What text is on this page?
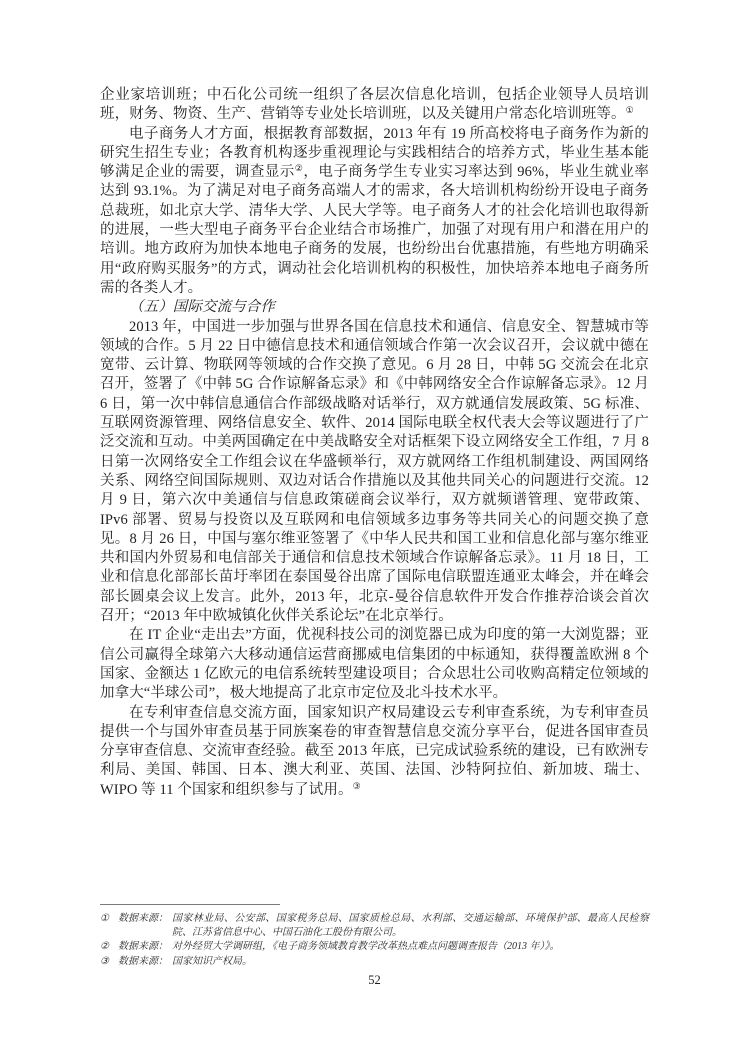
企业家培训班；中石化公司统一组织了各层次信息化培训，包括企业领导人员培训班，财务、物资、生产、营销等专业处长培训班，以及关键用户常态化培训班等。①

电子商务人才方面，根据教育部数据，2013 年有 19 所高校将电子商务作为新的研究生招生专业；各教育机构逐步重视理论与实践相结合的培养方式，毕业生基本能够满足企业的需要，调查显示②，电子商务学生专业实习率达到 96%，毕业生就业率达到 93.1%。为了满足对电子商务高端人才的需求，各大培训机构纷纷开设电子商务总裁班，如北京大学、清华大学、人民大学等。电子商务人才的社会化培训也取得新的进展，一些大型电子商务平台企业结合市场推广，加强了对现有用户和潜在用户的培训。地方政府为加快本地电子商务的发展，也纷纷出台优惠措施，有些地方明确采用“政府购买服务”的方式，调动社会化培训机构的积极性，加快培养本地电子商务所需的各类人才。

（五）国际交流与合作

2013 年，中国进一步加强与世界各国在信息技术和通信、信息安全、智慧城市等领域的合作。5 月 22 日中德信息技术和通信领域合作第一次会议召开，会议就中德在宽带、云计算、物联网等领域的合作交换了意见。6 月 28 日，中韩 5G 交流会在北京召开，签署了《中韩 5G 合作谅解备忘录》和《中韩网络安全合作谅解备忘录》。12 月 6 日，第一次中韩信息通信合作部级战略对话举行，双方就通信发展政策、5G 标准、互联网资源管理、网络信息安全、软件、2014 国际电联全权代表大会等议题进行了广泛交流和互动。中美两国确定在中美战略安全对话框架下设立网络安全工作组，7 月 8 日第一次网络安全工作组会议在华盛顿举行，双方就网络工作组机制建设、两国网络关系、网络空间国际规则、双边对话合作措施以及其他共同关心的问题进行交流。12 月 9 日，第六次中美通信与信息政策磋商会议举行，双方就频谱管理、宽带政策、IPv6 部署、贸易与投资以及互联网和电信领域多边事务等共同关心的问题交换了意见。8 月 26 日，中国与塞尔维亚签署了《中华人民共和国工业和信息化部与塞尔维亚共和国内外贸易和电信部关于通信和信息技术领域合作谅解备忘录》。11 月 18 日，工业和信息化部部长苗圩率团在泰国曼谷出席了国际电信联盟连通亚太峰会，并在峰会部长圆桌会议上发言。此外，2013 年，北京-曼谷信息软件开发合作推荐洽谈会首次召开；“2013 年中欧城镇化伙伴关系论坛”在北京举行。

在 IT 企业“走出去”方面，优视科技公司的浏览器已成为印度的第一大浏览器；亚信公司赢得全球第六大移动通信运营商挪威电信集团的中标通知，获得覆盖欧洲 8 个国家、金额达 1 亿欧元的电信系统转型建设项目；合众思壮公司收购高精定位领域的加拿大“半球公司”，极大地提高了北京市定位及北斗技术水平。

在专利审查信息交流方面，国家知识产权局建设云专利审查系统，为专利审查员提供一个与国外审查员基于同族案卷的审查智慧信息交流分享平台，促进各国审查员分享审查信息、交流审查经验。截至 2013 年底，已完成试验系统的建设，已有欧洲专利局、美国、韩国、日本、澳大利亚、英国、法国、沙特阿拉伯、新加坡、瑞士、WIPO 等 11 个国家和组织参与了试用。③

① 数据来源： 国家林业局、公安部、国家税务总局、国家质检总局、水利部、交通运输部、环境保护部、最高人民检察院、江苏省信息中心、中国石油化工股份有限公司。
② 数据来源： 对外经贸大学调研组，《电子商务领域教育教学改革热点难点问题调查报告（2013 年）》。
③ 数据来源： 国家知识产权局。
52
